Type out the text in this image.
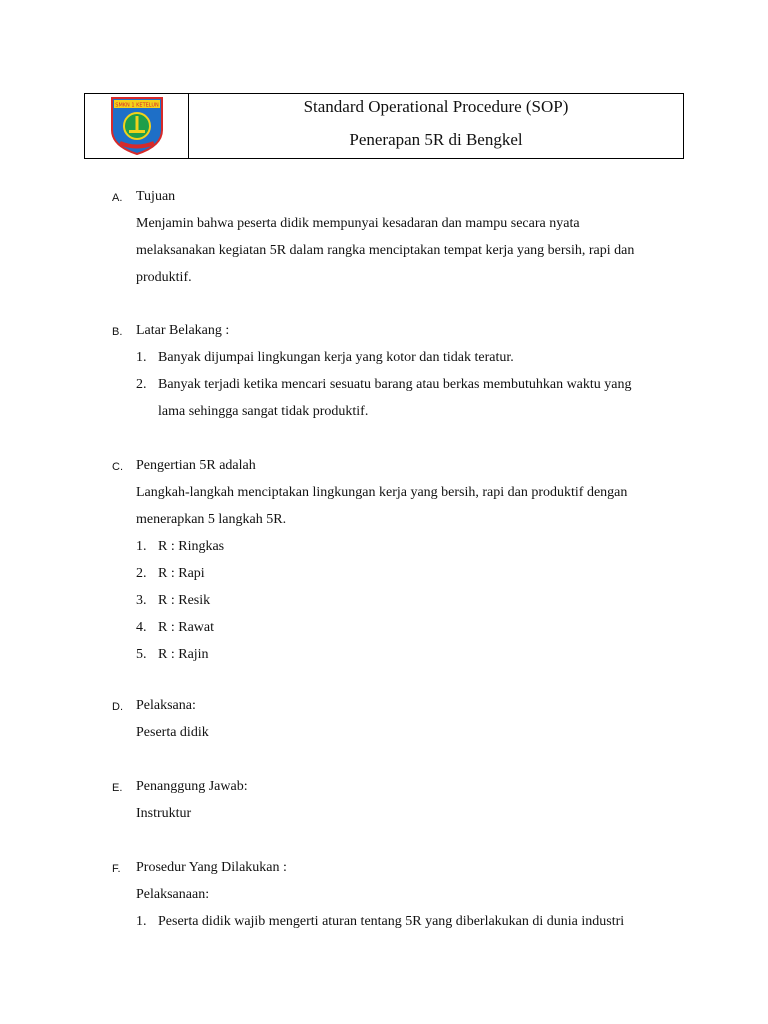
SMKN 1 KETELUN	Standard Operational Procedure (SOP)
Penerapan 5R di Bengkel
A. Tujuan
Menjamin bahwa peserta didik mempunyai kesadaran dan mampu secara nyata
melaksanakan kegiatan 5R dalam rangka menciptakan tempat kerja yang bersih, rapi dan
produktif.
B. Latar Belakang :
1. Banyak dijumpai lingkungan kerja yang kotor dan tidak teratur.
2. Banyak terjadi ketika mencari sesuatu barang atau berkas membutuhkan waktu yang
lama sehingga sangat tidak produktif.
C. Pengertian 5R adalah
Langkah-langkah menciptakan lingkungan kerja yang bersih, rapi dan produktif dengan
menerapkan 5 langkah 5R.
1. R : Ringkas
2. R : Rapi
3. R : Resik
4. R : Rawat
5. R : Rajin
D. Pelaksana:
Peserta didik
E. Penanggung Jawab:
Instruktur
F. Prosedur Yang Dilakukan :
Pelaksanaan:
1. Peserta didik wajib mengerti aturan tentang 5R yang diberlakukan di dunia industri
